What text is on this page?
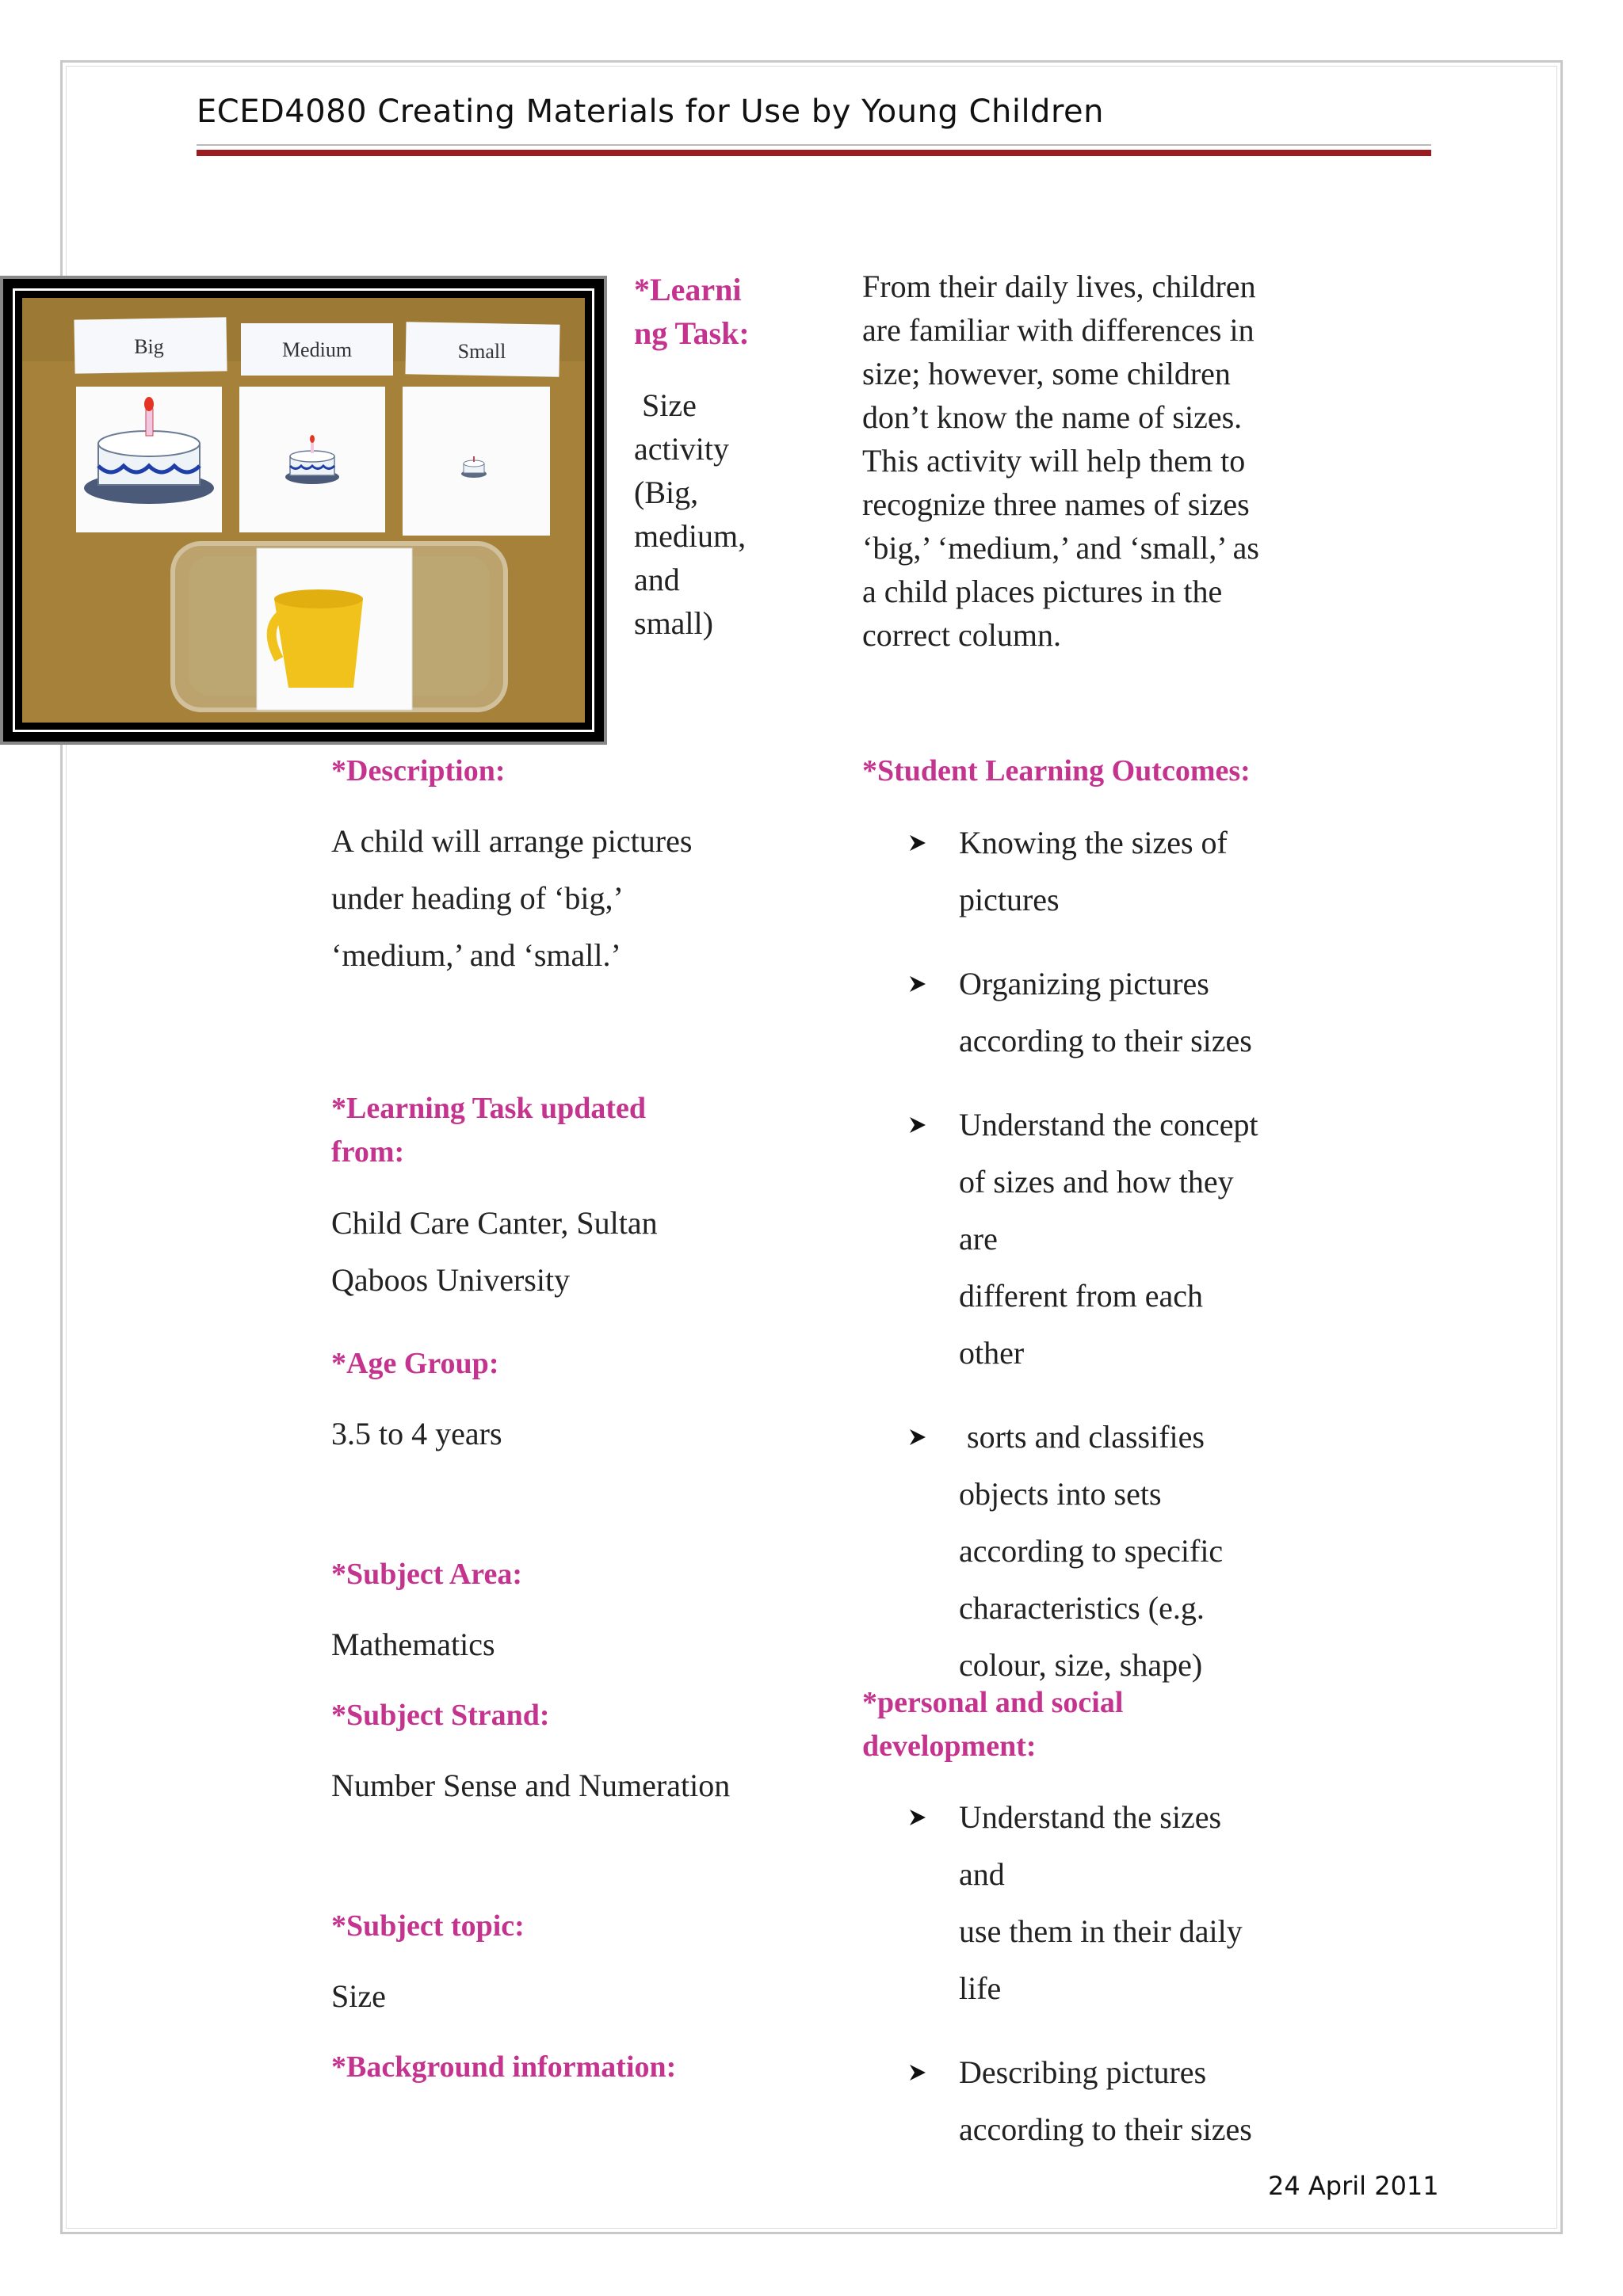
ECED4080 Creating Materials for Use by Young Children
Big	Medium	Small
*Learni
ng Task:
Size
activity
(Big,
medium,
and
small)
From their daily lives, children
are familiar with differences in
size; however, some children
don’t know the name of sizes.
This activity will help them to
recognize three names of sizes
‘big,’ ‘medium,’ and ‘small,’ as
a child places pictures in the
correct column.
*Description:
A child will arrange pictures
under heading of ‘big,’
‘medium,’ and ‘small.’
*Learning Task updated
from:
Child Care Canter, Sultan
Qaboos University
*Age Group:
3.5 to 4 years
*Subject Area:
Mathematics
*Subject Strand:
Number Sense and Numeration
*Subject topic:
Size
*Background information:
*Student Learning Outcomes:
Knowing the sizes of
pictures
Organizing pictures
according to their sizes
Understand the concept
of sizes and how they are
different from each other
sorts and classifies
objects into sets
according to specific
characteristics (e.g.
colour, size, shape)
*personal and social
development:
Understand the sizes and
use them in their daily
life
Describing pictures
according to their sizes
24 April 2011
